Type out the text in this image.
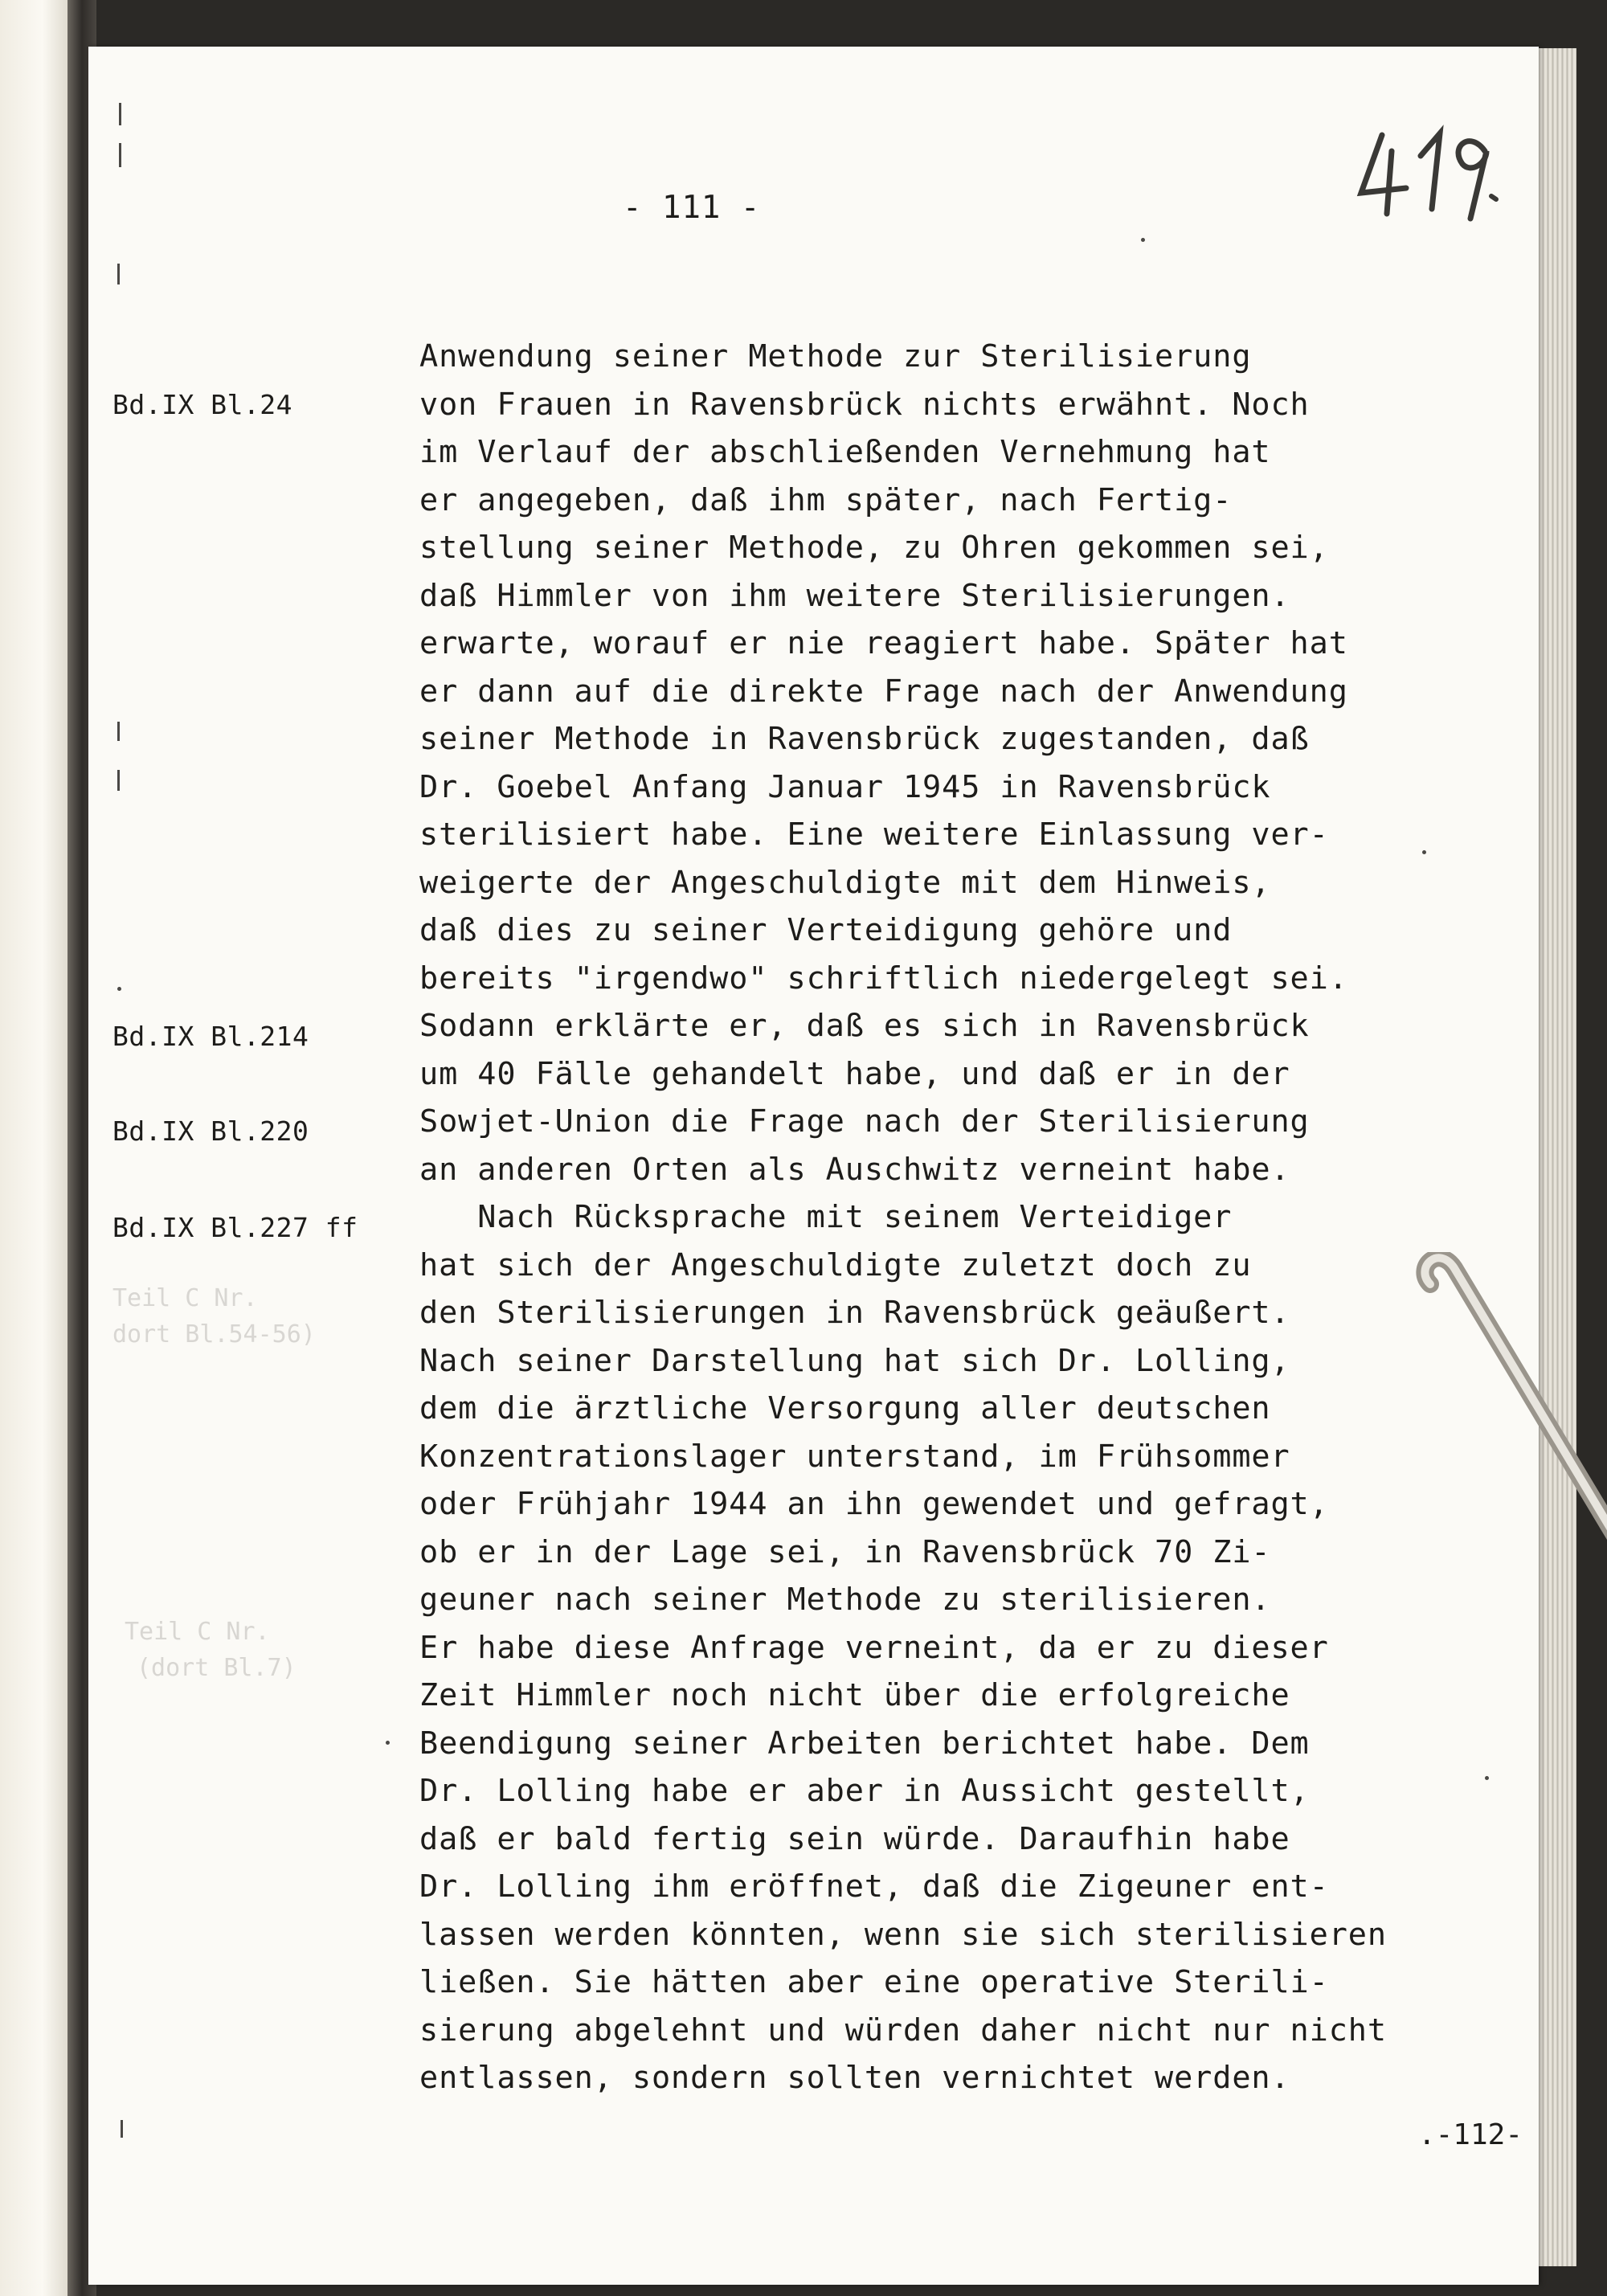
Teil C Nr.
dort Bl.54-56)
Teil C Nr.
(dort Bl.7)
- 111 -
Bd.IX Bl.24
Bd.IX Bl.214
Bd.IX Bl.220
Bd.IX Bl.227 ff
Anwendung seiner Methode zur Sterilisierung
von Frauen in Ravensbrück nichts erwähnt. Noch
im Verlauf der abschließenden Vernehmung hat
er angegeben, daß ihm später, nach Fertig-
stellung seiner Methode, zu Ohren gekommen sei,
daß Himmler von ihm weitere Sterilisierungen.
erwarte, worauf er nie reagiert habe. Später hat
er dann auf die direkte Frage nach der Anwendung
seiner Methode in Ravensbrück zugestanden, daß
Dr. Goebel Anfang Januar 1945 in Ravensbrück
sterilisiert habe. Eine weitere Einlassung ver-
weigerte der Angeschuldigte mit dem Hinweis,
daß dies zu seiner Verteidigung gehöre und
bereits "irgendwo" schriftlich niedergelegt sei.
Sodann erklärte er, daß es sich in Ravensbrück
um 40 Fälle gehandelt habe, und daß er in der
Sowjet-Union die Frage nach der Sterilisierung
an anderen Orten als Auschwitz verneint habe.
Nach Rücksprache mit seinem Verteidiger
hat sich der Angeschuldigte zuletzt doch zu
den Sterilisierungen in Ravensbrück geäußert.
Nach seiner Darstellung hat sich Dr. Lolling,
dem die ärztliche Versorgung aller deutschen
Konzentrationslager unterstand, im Frühsommer
oder Frühjahr 1944 an ihn gewendet und gefragt,
ob er in der Lage sei, in Ravensbrück 70 Zi-
geuner nach seiner Methode zu sterilisieren.
Er habe diese Anfrage verneint, da er zu dieser
Zeit Himmler noch nicht über die erfolgreiche
Beendigung seiner Arbeiten berichtet habe. Dem
Dr. Lolling habe er aber in Aussicht gestellt,
daß er bald fertig sein würde. Daraufhin habe
Dr. Lolling ihm eröffnet, daß die Zigeuner ent-
lassen werden könnten, wenn sie sich sterilisieren
ließen. Sie hätten aber eine operative Sterili-
sierung abgelehnt und würden daher nicht nur nicht
entlassen, sondern sollten vernichtet werden.
.-112-
